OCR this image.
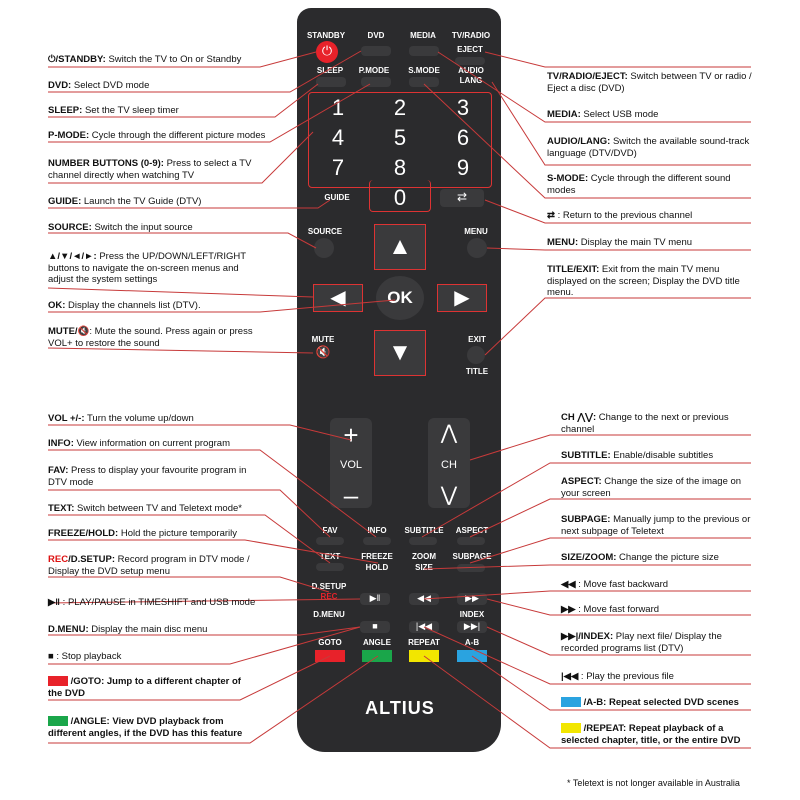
STANDBY
⏻
DVD	MEDIA	TV/RADIO
EJECT
SLEEP	P.MODE	S.MODE	AUDIO
LANG
1	2	3
4	5	6
7	8	9
0
GUIDE	⇄
SOURCE	MENU
▲
◀	▶
▼
OK
MUTE
🔇
EXIT
TITLE
+
–
VOL
⋀
⋁
CH
FAV	INFO	SUBTITLE	ASPECT
TEXT	FREEZE
HOLD
ZOOM
SIZE
SUBPAGE
D.SETUP
REC	▶‖	◀◀	▶▶
D.MENU
■	|◀◀
INDEX
▶▶|
GOTO	ANGLE	REPEAT	A-B
ALTIUS
⏻/STANDBY: Switch the TV to On or Standby
DVD: Select DVD mode
SLEEP: Set the TV sleep timer
P-MODE: Cycle through the different picture modes
NUMBER BUTTONS (0-9): Press to select a TV channel directly when watching TV
GUIDE: Launch the TV Guide (DTV)
SOURCE: Switch the input source
▲/▼/◄/►: Press the UP/DOWN/LEFT/RIGHT buttons to navigate the on-screen menus and adjust the system settings
OK: Display the channels list (DTV).
MUTE/🔇: Mute the sound. Press again or press VOL+ to restore the sound
VOL +/-: Turn the volume up/down
INFO: View information on current program
FAV: Press to display your favourite program in DTV mode
TEXT: Switch between TV and Teletext mode*
FREEZE/HOLD: Hold the picture temporarily
REC/D.SETUP: Record program in DTV mode / Display the DVD setup menu
▶‖ : PLAY/PAUSE in TIMESHIFT and USB mode
D.MENU: Display the main disc menu
■ : Stop playback
/GOTO: Jump to a different chapter of the DVD
/ANGLE: View DVD playback from different angles, if the DVD has this feature
TV/RADIO/EJECT: Switch between TV or radio / Eject a disc (DVD)
MEDIA: Select USB mode
AUDIO/LANG: Switch the available sound-track language (DTV/DVD)
S-MODE: Cycle through the different sound modes
⇄ : Return to the previous channel
MENU: Display the main TV menu
TITLE/EXIT: Exit from the main TV menu displayed on the screen; Display the DVD title menu.
CH ⋀⋁: Change to the next or previous channel
SUBTITLE: Enable/disable subtitles
ASPECT: Change the size of the image on your screen
SUBPAGE: Manually jump to the previous or next subpage of Teletext
SIZE/ZOOM: Change the picture size
◀◀ : Move fast backward
▶▶ : Move fast forward
▶▶|/INDEX: Play next file/ Display the recorded programs list (DTV)
|◀◀ : Play the previous file
/A-B: Repeat selected DVD scenes
/REPEAT: Repeat playback of a selected chapter, title, or the entire DVD
* Teletext is not longer available in Australia
